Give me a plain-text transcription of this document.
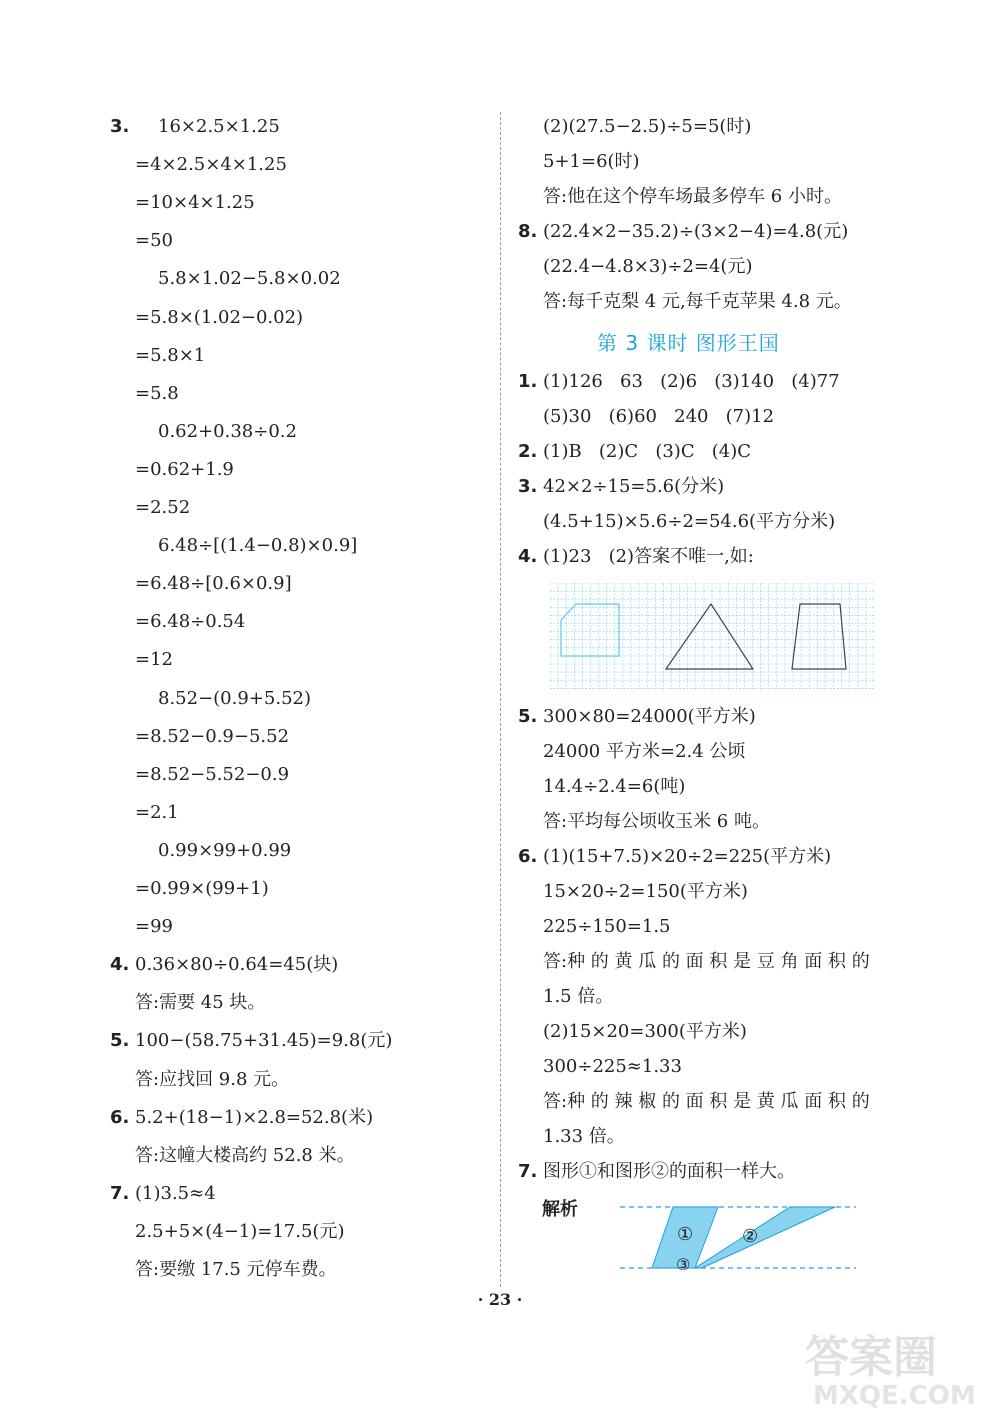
3. 16×2.5×1.25
=4×2.5×4×1.25
=10×4×1.25
=50
5.8×1.02−5.8×0.02
=5.8×(1.02−0.02)
=5.8×1
=5.8
0.62+0.38÷0.2
=0.62+1.9
=2.52
6.48÷[(1.4−0.8)×0.9]
=6.48÷[0.6×0.9]
=6.48÷0.54
=12
8.52−(0.9+5.52)
=8.52−0.9−5.52
=8.52−5.52−0.9
=2.1
0.99×99+0.99
=0.99×(99+1)
=99
4. 0.36×80÷0.64=45(块)
答:需要 45 块。
5. 100−(58.75+31.45)=9.8(元)
答:应找回 9.8 元。
6. 5.2+(18−1)×2.8=52.8(米)
答:这幢大楼高约 52.8 米。
7. (1)3.5≈4
2.5+5×(4−1)=17.5(元)
答:要缴 17.5 元停车费。
(2)(27.5−2.5)÷5=5(时)
5+1=6(时)
答:他在这个停车场最多停车 6 小时。
8. (22.4×2−35.2)÷(3×2−4)=4.8(元)
(22.4−4.8×3)÷2=4(元)
答:每千克梨 4 元,每千克苹果 4.8 元。
第 3 课时 图形王国
1. (1)126   63   (2)6   (3)140   (4)77
(5)30   (6)60   240   (7)12
2. (1)B   (2)C   (3)C   (4)C
3. 42×2÷15=5.6(分米)
(4.5+15)×5.6÷2=54.6(平方分米)
4. (1)23   (2)答案不唯一,如:
5. 300×80=24000(平方米)
24000 平方米=2.4 公顷
14.4÷2.4=6(吨)
答:平均每公顷收玉米 6 吨。
6. (1)(15+7.5)×20÷2=225(平方米)
15×20÷2=150(平方米)
225÷150=1.5
答:种 的 黄 瓜 的 面 积 是 豆 角 面 积 的
1.5 倍。
(2)15×20=300(平方米)
300÷225≈1.33
答:种 的 辣 椒 的 面 积 是 黄 瓜 面 积 的
1.33 倍。
7. 图形①和图形②的面积一样大。
解析
①	②
③
· 23 ·
答案圈
MXQE.COM
